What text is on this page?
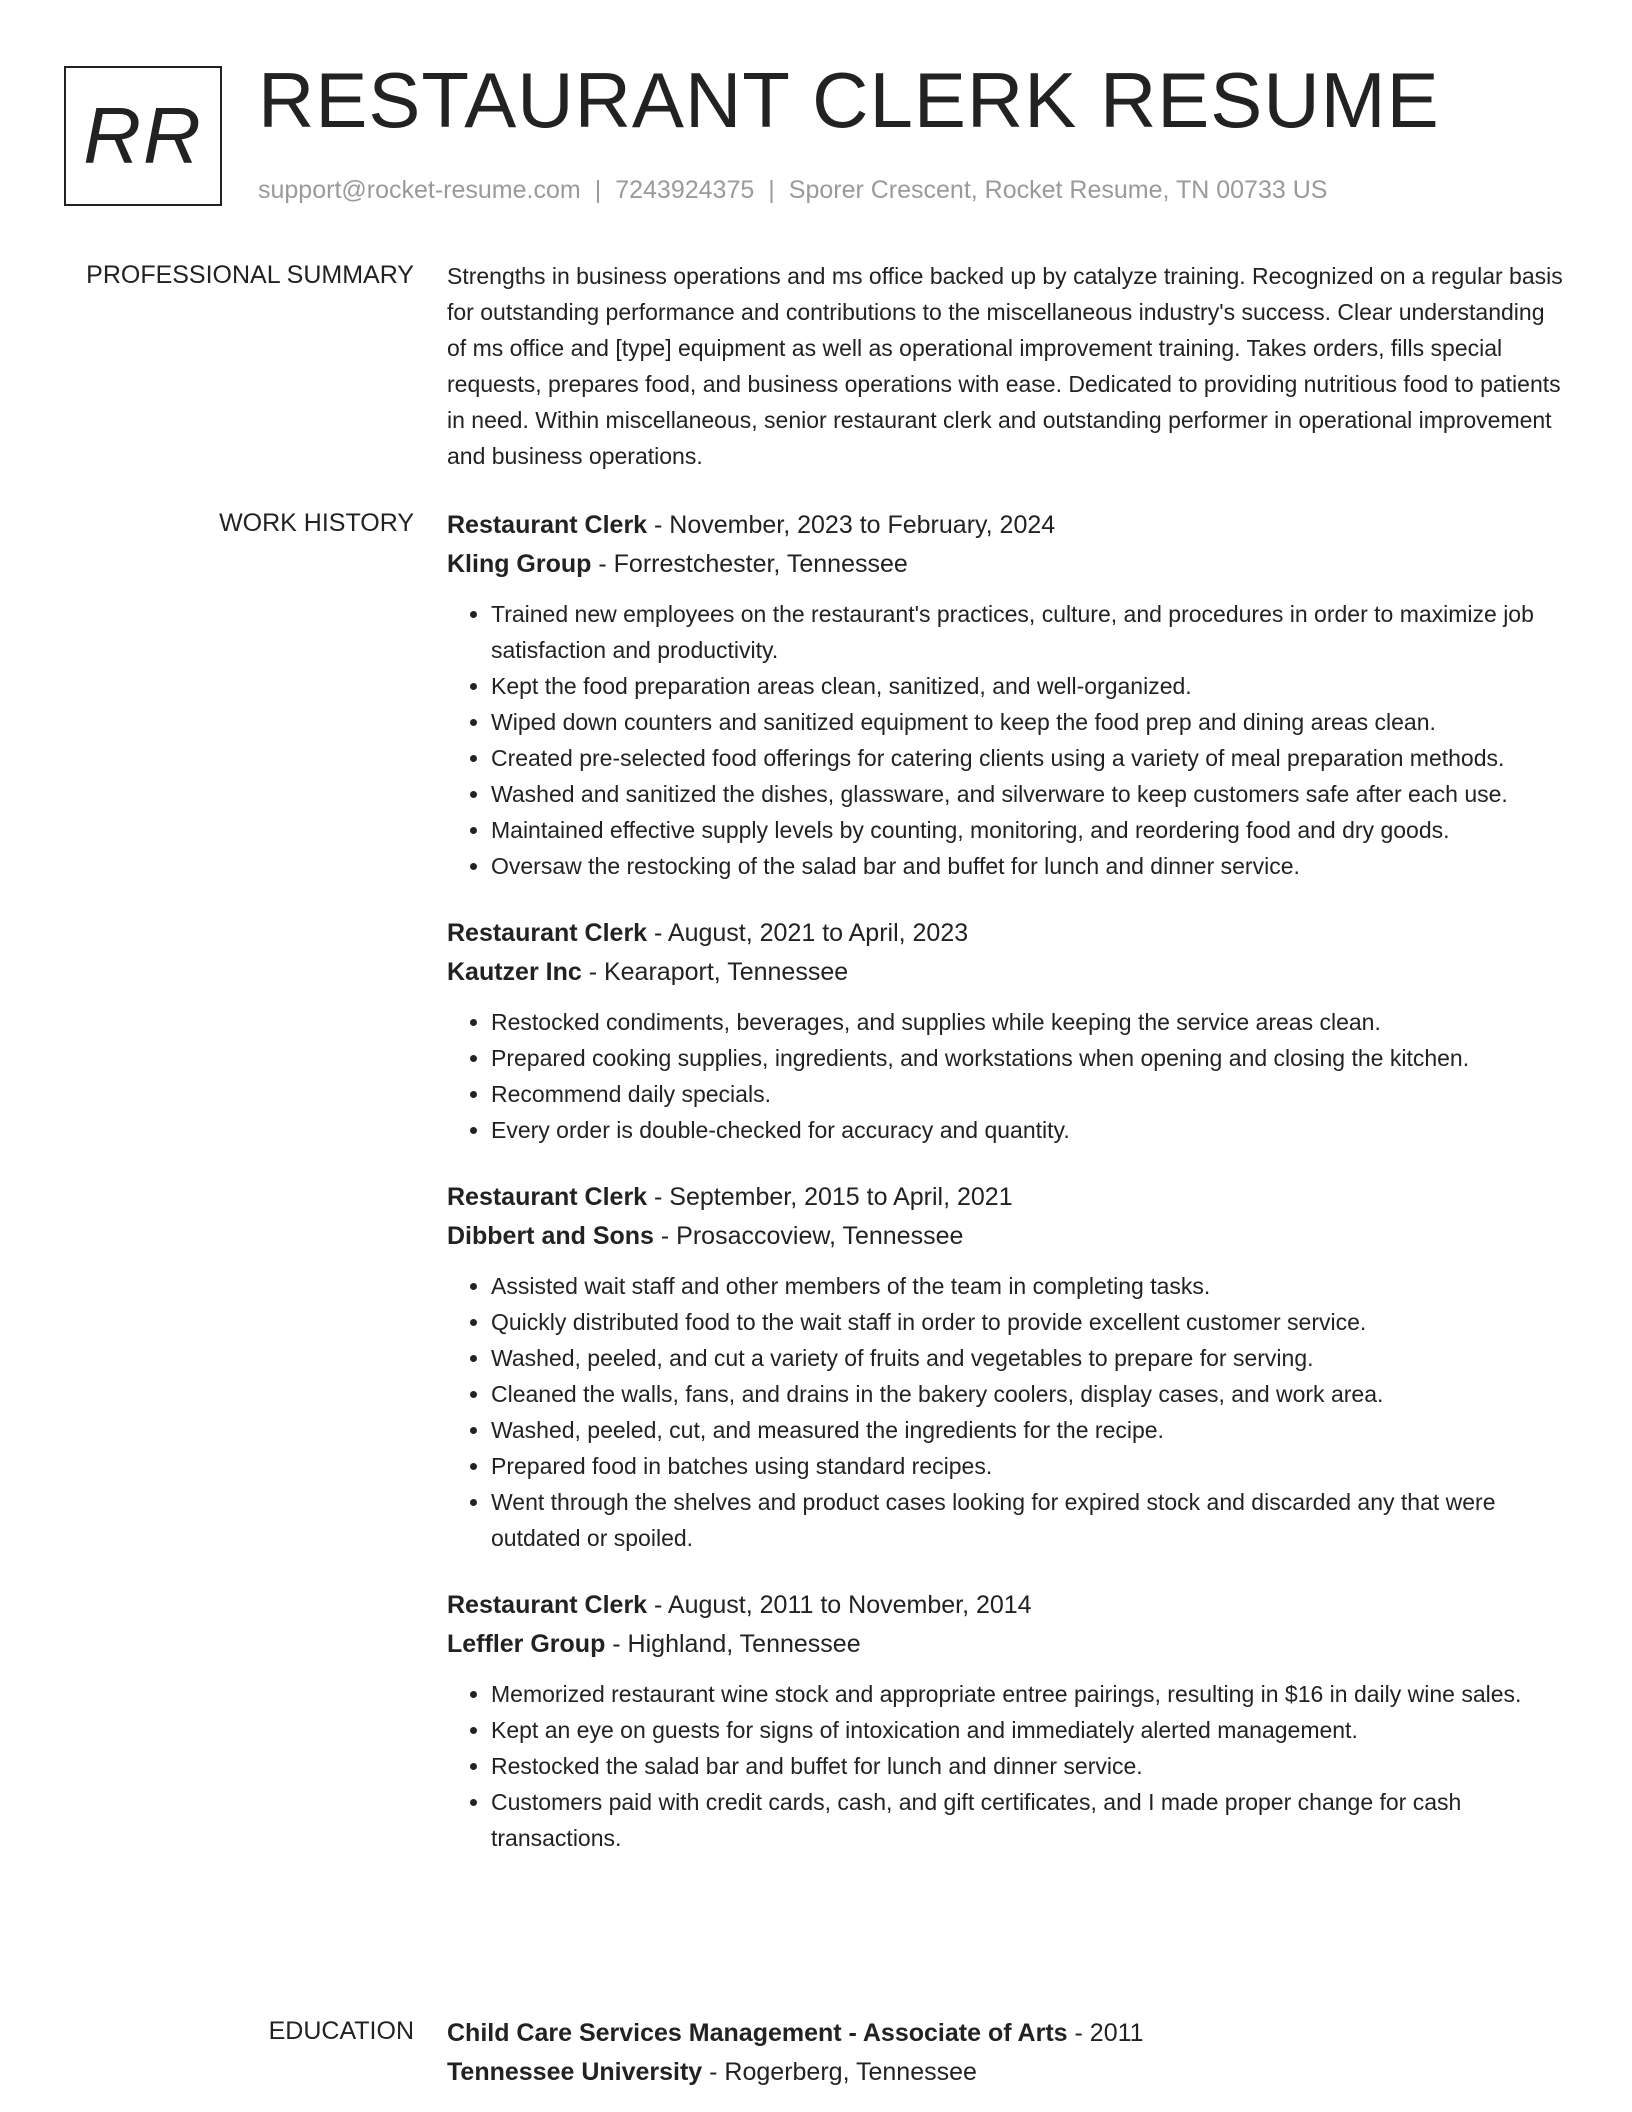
RR RESTAURANT CLERK RESUME
support@rocket-resume.com | 7243924375 | Sporer Crescent, Rocket Resume, TN 00733 US
PROFESSIONAL SUMMARY Strengths in business operations and ms office backed up by catalyze training. Recognized on a regular basis for outstanding performance and contributions to the miscellaneous industry's success. Clear understanding of ms office and [type] equipment as well as operational improvement training. Takes orders, fills special requests, prepares food, and business operations with ease. Dedicated to providing nutritious food to patients in need. Within miscellaneous, senior restaurant clerk and outstanding performer in operational improvement and business operations.

WORK HISTORY Restaurant Clerk - November, 2023 to February, 2024
Kling Group - Forrestchester, Tennessee
• Trained new employees on the restaurant's practices, culture, and procedures in order to maximize job satisfaction and productivity.
• Kept the food preparation areas clean, sanitized, and well-organized.
• Wiped down counters and sanitized equipment to keep the food prep and dining areas clean.
• Created pre-selected food offerings for catering clients using a variety of meal preparation methods.
• Washed and sanitized the dishes, glassware, and silverware to keep customers safe after each use.
• Maintained effective supply levels by counting, monitoring, and reordering food and dry goods.
• Oversaw the restocking of the salad bar and buffet for lunch and dinner service.
Restaurant Clerk - August, 2021 to April, 2023
Kautzer Inc - Kearaport, Tennessee
• Restocked condiments, beverages, and supplies while keeping the service areas clean.
• Prepared cooking supplies, ingredients, and workstations when opening and closing the kitchen.
• Recommend daily specials.
• Every order is double-checked for accuracy and quantity.
Restaurant Clerk - September, 2015 to April, 2021
Dibbert and Sons - Prosaccoview, Tennessee
• Assisted wait staff and other members of the team in completing tasks.
• Quickly distributed food to the wait staff in order to provide excellent customer service.
• Washed, peeled, and cut a variety of fruits and vegetables to prepare for serving.
• Cleaned the walls, fans, and drains in the bakery coolers, display cases, and work area.
• Washed, peeled, cut, and measured the ingredients for the recipe.
• Prepared food in batches using standard recipes.
• Went through the shelves and product cases looking for expired stock and discarded any that were outdated or spoiled.
Restaurant Clerk - August, 2011 to November, 2014
Leffler Group - Highland, Tennessee
• Memorized restaurant wine stock and appropriate entree pairings, resulting in $16 in daily wine sales.
• Kept an eye on guests for signs of intoxication and immediately alerted management.
• Restocked the salad bar and buffet for lunch and dinner service.
• Customers paid with credit cards, cash, and gift certificates, and I made proper change for cash transactions.
EDUCATION Child Care Services Management - Associate of Arts - 2011
Tennessee University - Rogerberg, Tennessee
